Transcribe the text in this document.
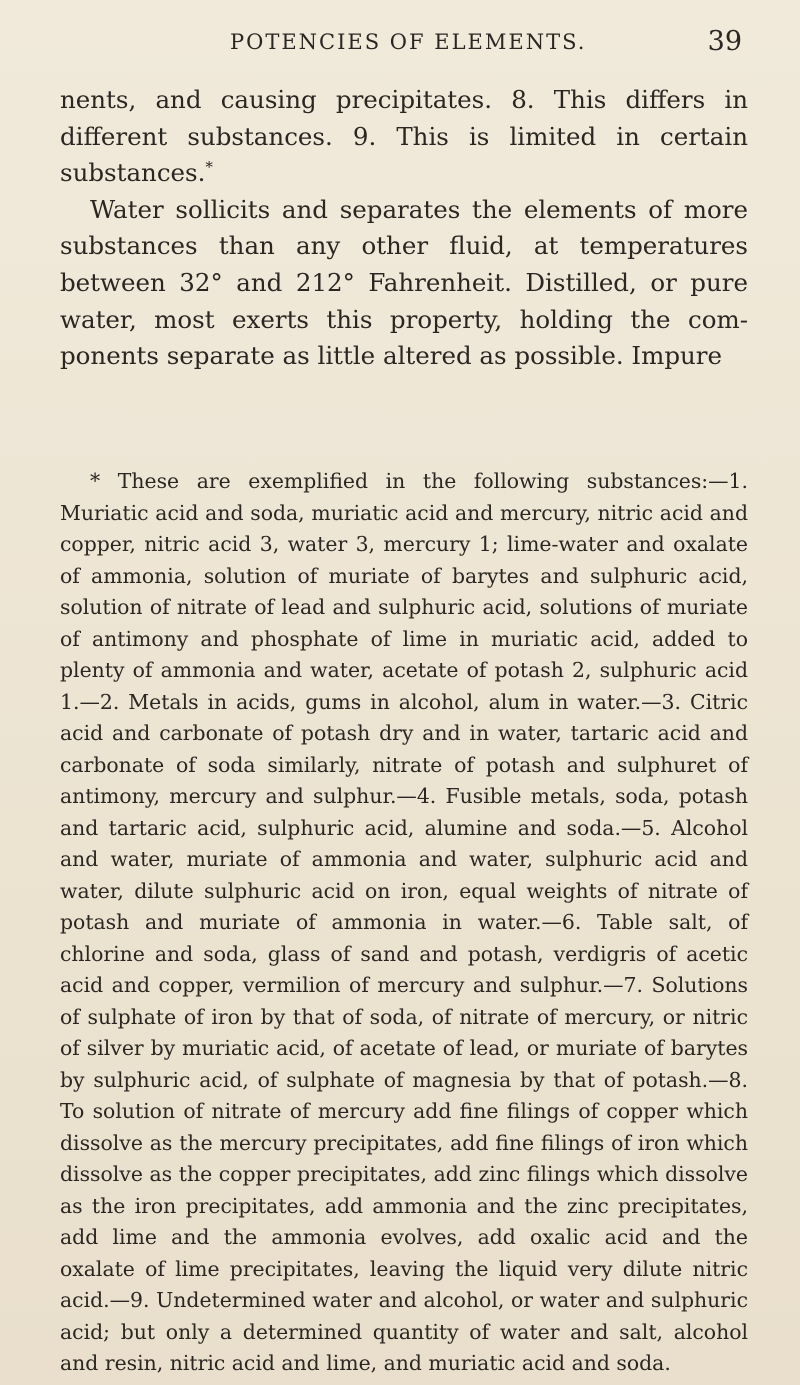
POTENCIES OF ELEMENTS.	39

nents, and causing precipitates. 8. This differs in different substances. 9. This is limited in certain substances.*

Water sollicits and separates the elements of more substances than any other fluid, at temperatures between 32° and 212° Fahrenheit. Distilled, or pure water, most exerts this property, holding the components separate as little altered as possible. Impure

* These are exemplified in the following substances:—1. Muriatic acid and soda, muriatic acid and mercury, nitric acid and copper, nitric acid 3, water 3, mercury 1; lime-water and oxalate of ammonia, solution of muriate of barytes and sulphuric acid, solution of nitrate of lead and sulphuric acid, solutions of muriate of antimony and phosphate of lime in muriatic acid, added to plenty of ammonia and water, acetate of potash 2, sulphuric acid 1.—2. Metals in acids, gums in alcohol, alum in water.—3. Citric acid and carbonate of potash dry and in water, tartaric acid and carbonate of soda similarly, nitrate of potash and sulphuret of antimony, mercury and sulphur.—4. Fusible metals, soda, potash and tartaric acid, sulphuric acid, alumine and soda.—5. Alcohol and water, muriate of ammonia and water, sulphuric acid and water, dilute sulphuric acid on iron, equal weights of nitrate of potash and muriate of ammonia in water.—6. Table salt, of chlorine and soda, glass of sand and potash, verdigris of acetic acid and copper, vermilion of mercury and sulphur.—7. Solutions of sulphate of iron by that of soda, of nitrate of mercury, or nitric of silver by muriatic acid, of acetate of lead, or muriate of barytes by sulphuric acid, of sulphate of magnesia by that of potash.—8. To solution of nitrate of mercury add fine filings of copper which dissolve as the mercury precipitates, add fine filings of iron which dissolve as the copper precipitates, add zinc filings which dissolve as the iron precipitates, add ammonia and the zinc precipitates, add lime and the ammonia evolves, add oxalic acid and the oxalate of lime precipitates, leaving the liquid very dilute nitric acid.—9. Undetermined water and alcohol, or water and sulphuric acid; but only a determined quantity of water and salt, alcohol and resin, nitric acid and lime, and muriatic acid and soda.
